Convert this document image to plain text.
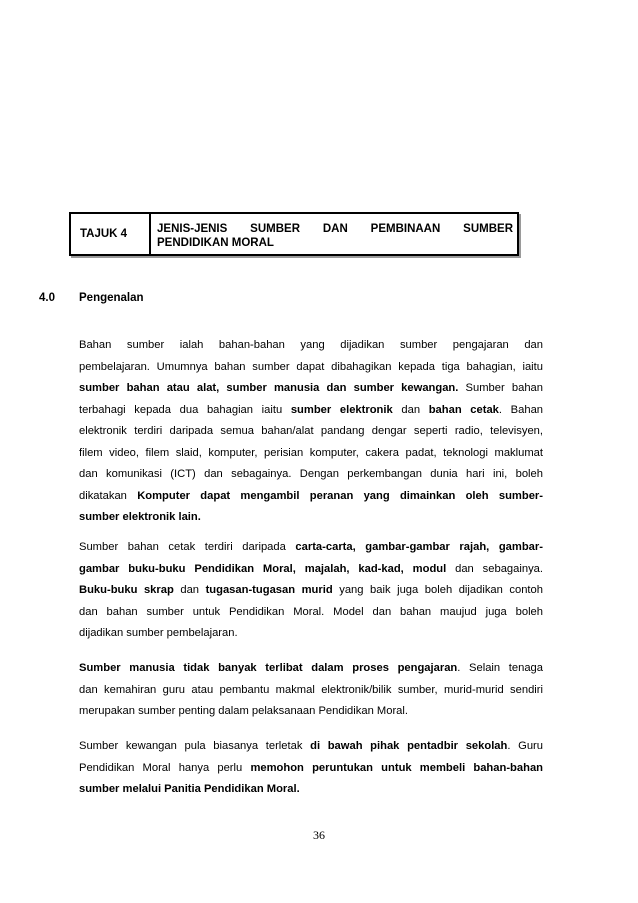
TAJUK 4	JENIS-JENIS SUMBER DAN PEMBINAAN SUMBER
PENDIDIKAN MORAL
4.0 Pengenalan
Bahan sumber ialah bahan-bahan yang dijadikan sumber pengajaran dan
pembelajaran. Umumnya bahan sumber dapat dibahagikan kepada tiga bahagian, iaitu
sumber bahan atau alat, sumber manusia dan sumber kewangan. Sumber bahan
terbahagi kepada dua bahagian iaitu sumber elektronik dan bahan cetak. Bahan
elektronik terdiri daripada semua bahan/alat pandang dengar seperti radio, televisyen,
filem video, filem slaid, komputer, perisian komputer, cakera padat, teknologi maklumat
dan komunikasi (ICT) dan sebagainya. Dengan perkembangan dunia hari ini, boleh
dikatakan Komputer dapat mengambil peranan yang dimainkan oleh sumber-
sumber elektronik lain.
Sumber bahan cetak terdiri daripada carta-carta, gambar-gambar rajah, gambar-
gambar buku-buku Pendidikan Moral, majalah, kad-kad, modul dan sebagainya.
Buku-buku skrap dan tugasan-tugasan murid yang baik juga boleh dijadikan contoh
dan bahan sumber untuk Pendidikan Moral. Model dan bahan maujud juga boleh
dijadikan sumber pembelajaran.
Sumber manusia tidak banyak terlibat dalam proses pengajaran. Selain tenaga
dan kemahiran guru atau pembantu makmal elektronik/bilik sumber, murid-murid sendiri
merupakan sumber penting dalam pelaksanaan Pendidikan Moral.
Sumber kewangan pula biasanya terletak di bawah pihak pentadbir sekolah. Guru
Pendidikan Moral hanya perlu memohon peruntukan untuk membeli bahan-bahan
sumber melalui Panitia Pendidikan Moral.
36
